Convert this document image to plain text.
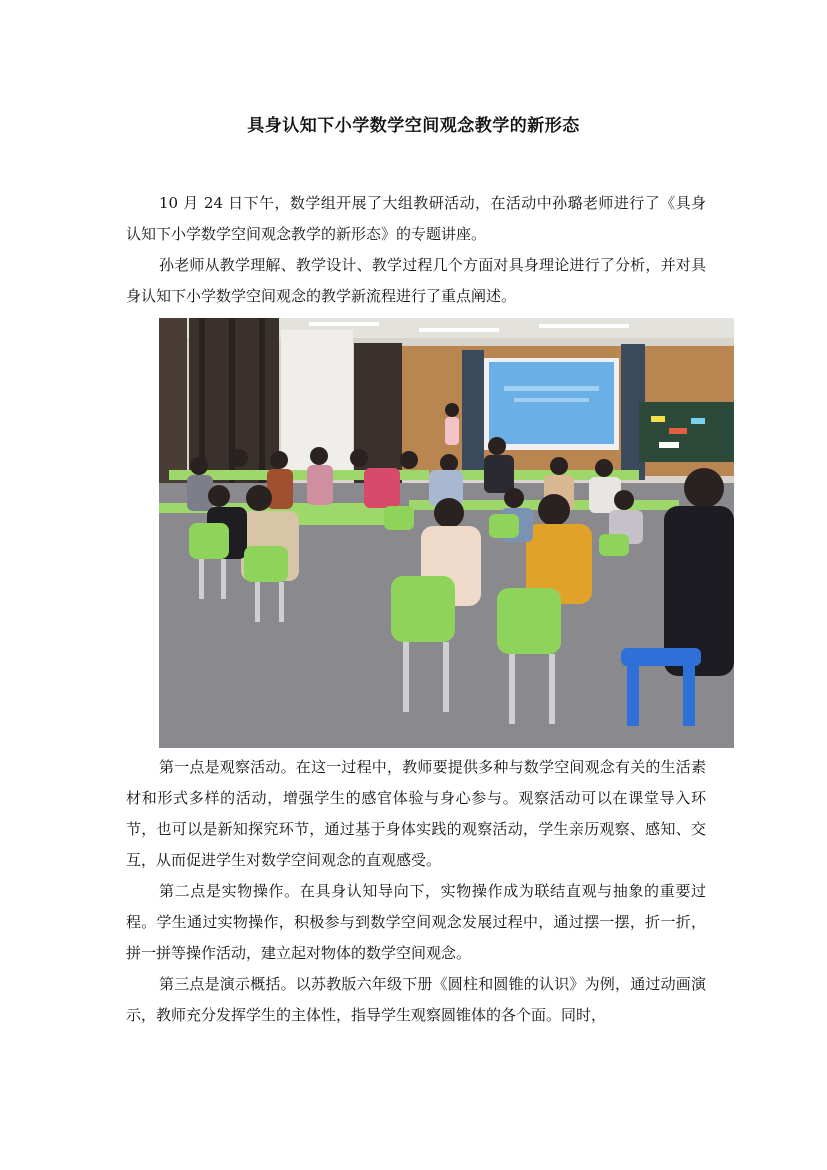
具身认知下小学数学空间观念教学的新形态

10 月 24 日下午，数学组开展了大组教研活动，在活动中孙璐老师进行了《具身认知下小学数学空间观念教学的新形态》的专题讲座。

孙老师从教学理解、教学设计、教学过程几个方面对具身理论进行了分析，并对具身认知下小学数学空间观念的教学新流程进行了重点阐述。

第一点是观察活动。在这一过程中，教师要提供多种与数学空间观念有关的生活素材和形式多样的活动，增强学生的感官体验与身心参与。观察活动可以在课堂导入环节，也可以是新知探究环节，通过基于身体实践的观察活动，学生亲历观察、感知、交互，从而促进学生对数学空间观念的直观感受。

第二点是实物操作。在具身认知导向下，实物操作成为联结直观与抽象的重要过程。学生通过实物操作，积极参与到数学空间观念发展过程中，通过摆一摆，折一折，拼一拼等操作活动，建立起对物体的数学空间观念。

第三点是演示概括。以苏教版六年级下册《圆柱和圆锥的认识》为例，通过动画演示，教师充分发挥学生的主体性，指导学生观察圆锥体的各个面。同时，
